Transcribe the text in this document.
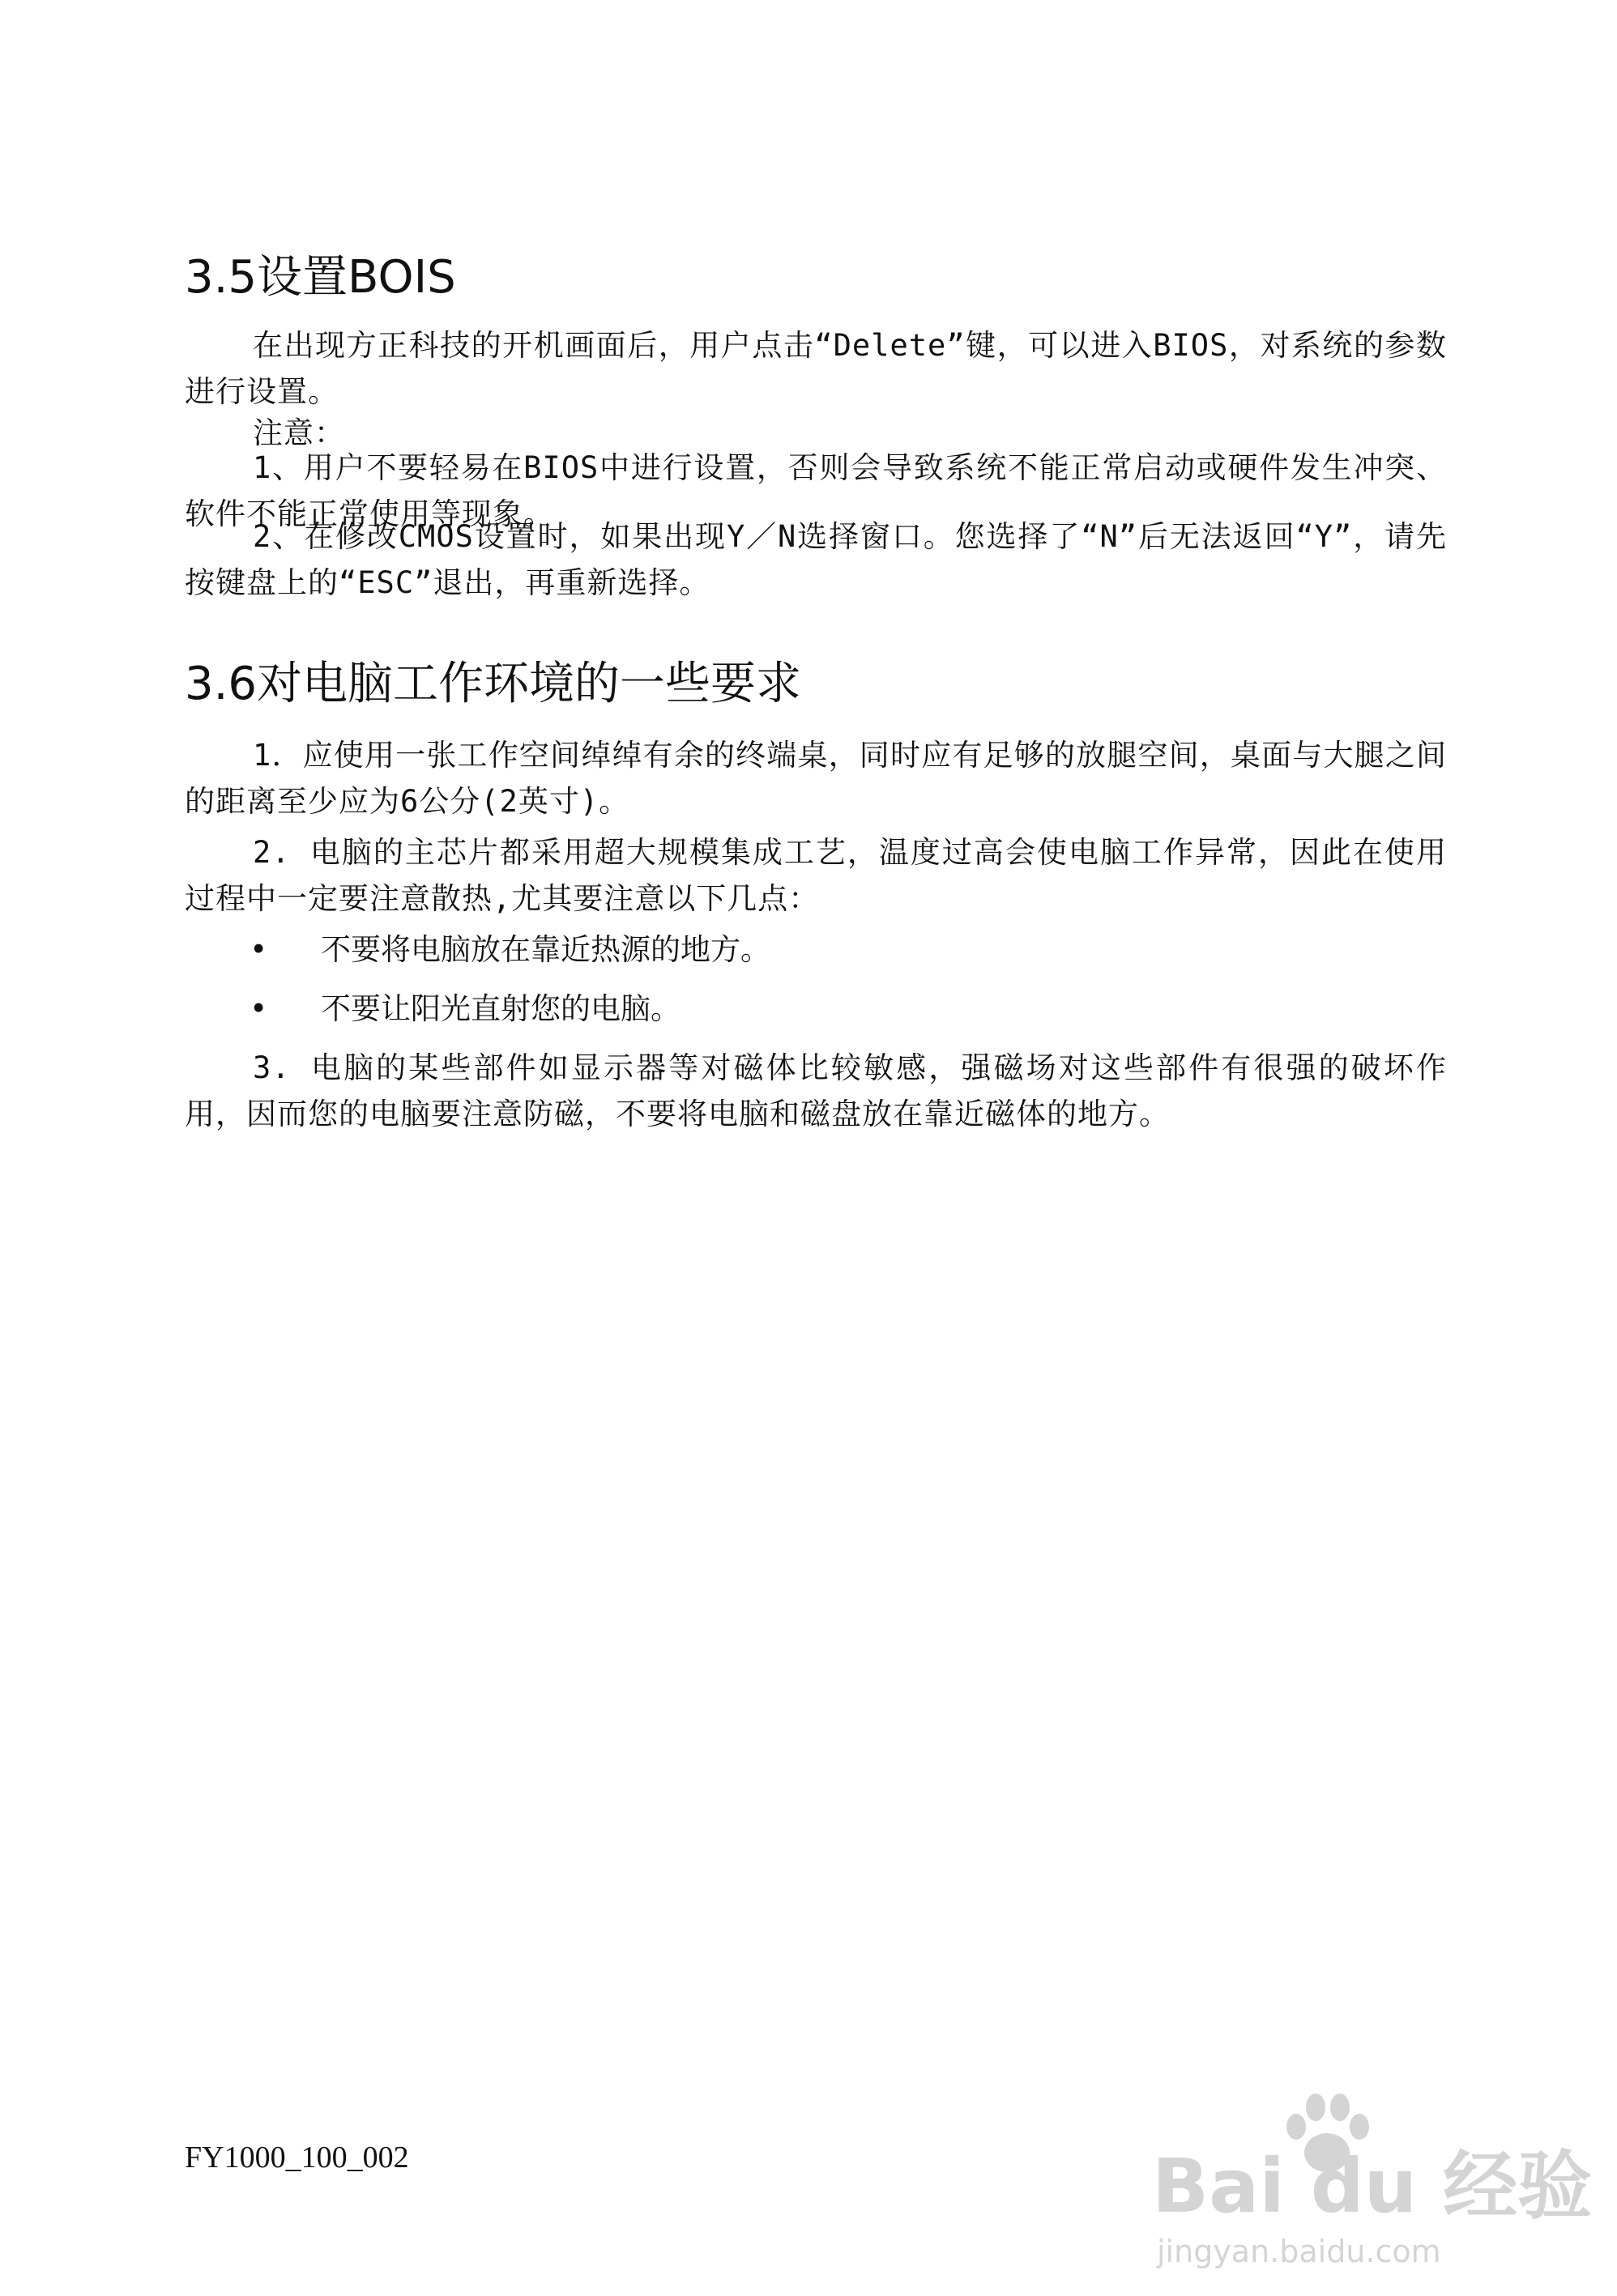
3.5设置BOIS

在出现方正科技的开机画面后，用户点击“Delete”键，可以进入BIOS，对系统的参数进行设置。

注意：

1、用户不要轻易在BIOS中进行设置，否则会导致系统不能正常启动或硬件发生冲突、软件不能正常使用等现象。

2、在修改CMOS设置时，如果出现Y／N选择窗口。您选择了“N”后无法返回“Y”，请先按键盘上的“ESC”退出，再重新选择。

3.6对电脑工作环境的一些要求

1．应使用一张工作空间绰绰有余的终端桌，同时应有足够的放腿空间，桌面与大腿之间的距离至少应为6公分(2英寸)。

2. 电脑的主芯片都采用超大规模集成工艺，温度过高会使电脑工作异常，因此在使用过程中一定要注意散热,尤其要注意以下几点：

•	不要将电脑放在靠近热源的地方。
•	不要让阳光直射您的电脑。

3. 电脑的某些部件如显示器等对磁体比较敏感，强磁场对这些部件有很强的破坏作用，因而您的电脑要注意防磁，不要将电脑和磁盘放在靠近磁体的地方。

FY1000_100_002	Bai du 经验
jingyan.baidu.com
